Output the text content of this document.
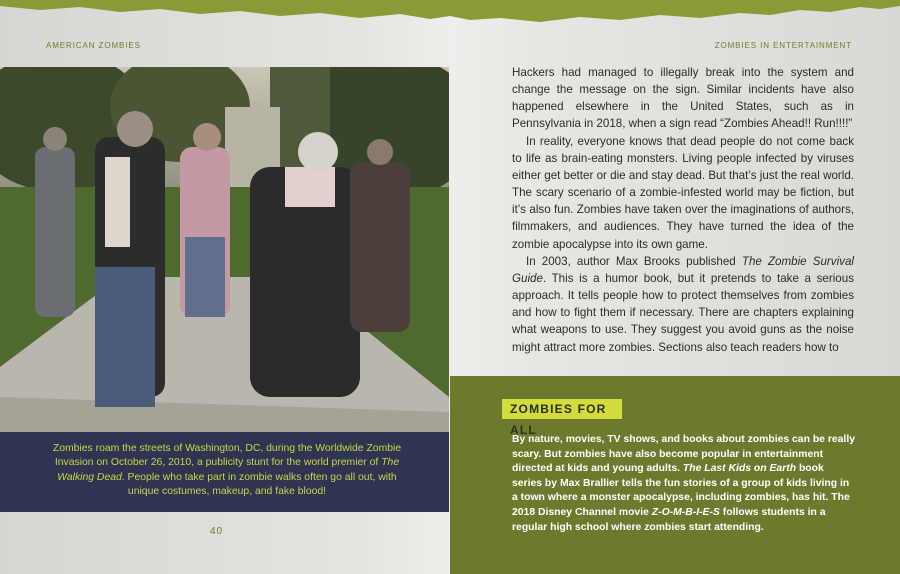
AMERICAN ZOMBIES	ZOMBIES IN ENTERTAINMENT
Zombies roam the streets of Washington, DC, during the Worldwide Zombie Invasion on October 26, 2010, a publicity stunt for the world premier of The Walking Dead. People who take part in zombie walks often go all out, with unique costumes, makeup, and fake blood!
40

Hackers had managed to illegally break into the system and change the message on the sign. Similar incidents have also happened elsewhere in the United States, such as in Pennsylvania in 2018, when a sign read “Zombies Ahead!! Run!!!!”

In reality, everyone knows that dead people do not come back to life as brain-eating monsters. Living people infected by viruses either get better or die and stay dead. But that’s just the real world. The scary scenario of a zombie-infested world may be fiction, but it’s also fun. Zombies have taken over the imaginations of authors, filmmakers, and audiences. They have turned the idea of the zombie apocalypse into its own game.

In 2003, author Max Brooks published The Zombie Survival Guide. This is a humor book, but it pretends to take a serious approach. It tells people how to protect themselves from zombies and how to fight them if necessary. There are chapters explaining what weapons to use. They suggest you avoid guns as the noise might attract more zombies. Sections also teach readers how to

ZOMBIES FOR ALL
By nature, movies, TV shows, and books about zombies can be really scary. But zombies have also become popular in entertainment directed at kids and young adults. The Last Kids on Earth book series by Max Brallier tells the fun stories of a group of kids living in a town where a monster apocalypse, including zombies, has hit. The 2018 Disney Channel movie Z-O-M-B-I-E-S follows students in a regular high school where zombies start attending.
